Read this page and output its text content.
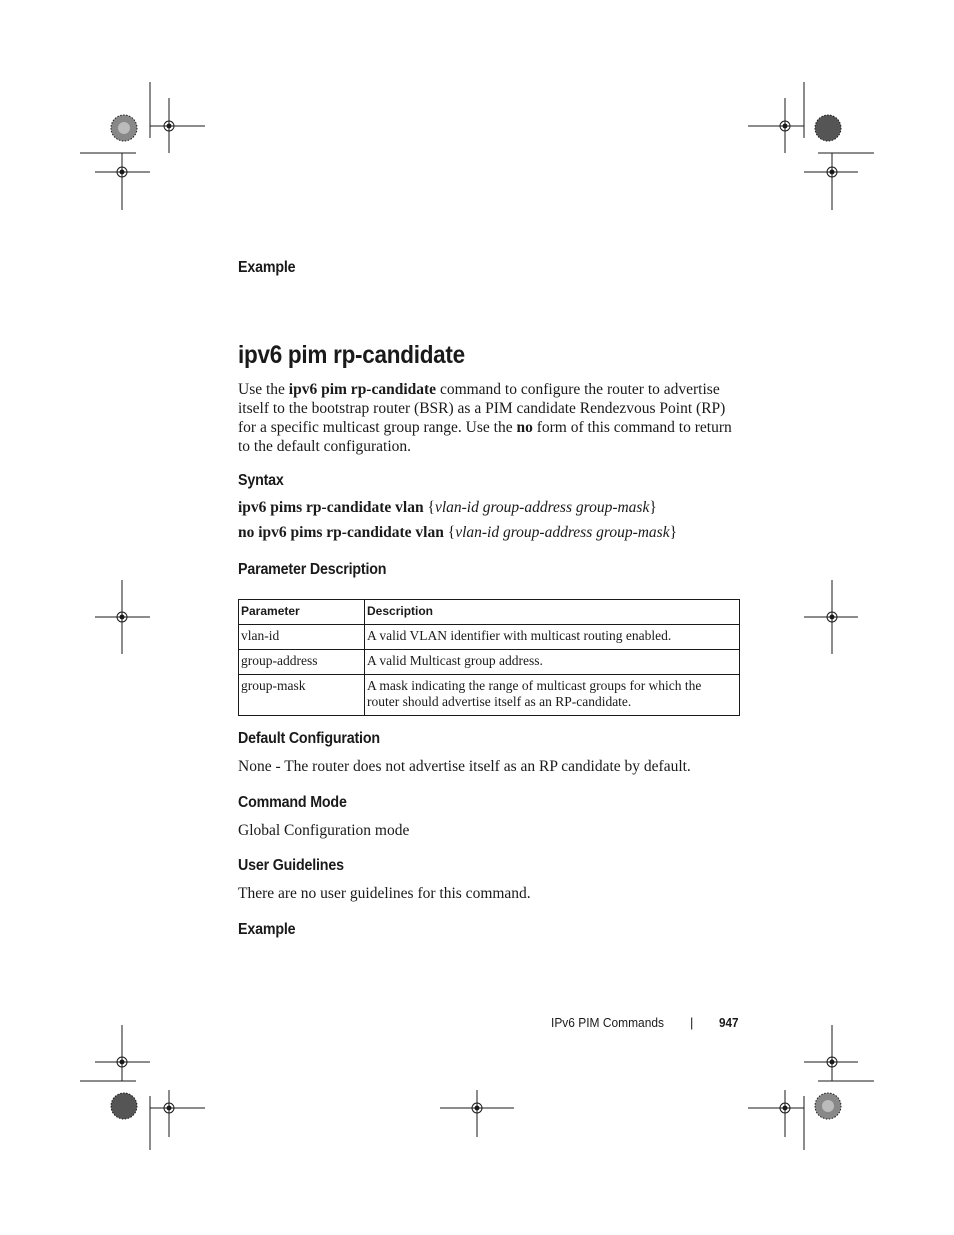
Example
ipv6 pim rp-candidate

Use the ipv6 pim rp-candidate command to configure the router to advertise itself to the bootstrap router (BSR) as a PIM candidate Rendezvous Point (RP) for a specific multicast group range. Use the no form of this command to return to the default configuration.

Syntax
ipv6 pims rp-candidate vlan {vlan-id group-address group-mask}
no ipv6 pims rp-candidate vlan {vlan-id group-address group-mask}
Parameter Description
Parameter	Description
vlan-id	A valid VLAN identifier with multicast routing enabled.
group-address	A valid Multicast group address.
group-mask	A mask indicating the range of multicast groups for which the router should advertise itself as an RP-candidate.
Default Configuration

None - The router does not advertise itself as an RP candidate by default.

Command Mode

Global Configuration mode

User Guidelines

There are no user guidelines for this command.

Example
IPv6 PIM Commands | 947
